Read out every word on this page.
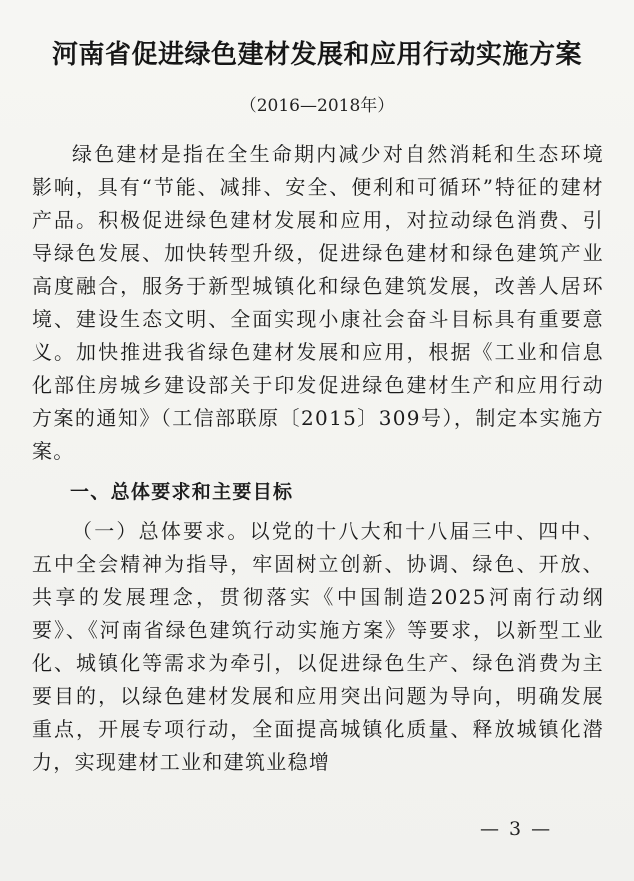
河南省促进绿色建材发展和应用行动实施方案
（2016—2018年）

绿色建材是指在全生命期内减少对自然消耗和生态环境影响，具有“节能、减排、安全、便利和可循环”特征的建材产品。积极促进绿色建材发展和应用，对拉动绿色消费、引导绿色发展、加快转型升级，促进绿色建材和绿色建筑产业高度融合，服务于新型城镇化和绿色建筑发展，改善人居环境、建设生态文明、全面实现小康社会奋斗目标具有重要意义。加快推进我省绿色建材发展和应用，根据《工业和信息化部住房城乡建设部关于印发促进绿色建材生产和应用行动方案的通知》（工信部联原〔2015〕309号），制定本实施方案。

一、总体要求和主要目标

（一）总体要求。以党的十八大和十八届三中、四中、五中全会精神为指导，牢固树立创新、协调、绿色、开放、共享的发展理念，贯彻落实《中国制造2025河南行动纲要》、《河南省绿色建筑行动实施方案》等要求，以新型工业化、城镇化等需求为牵引，以促进绿色生产、绿色消费为主要目的，以绿色建材发展和应用突出问题为导向，明确发展重点，开展专项行动，全面提高城镇化质量、释放城镇化潜力，实现建材工业和建筑业稳增

— 3 —
